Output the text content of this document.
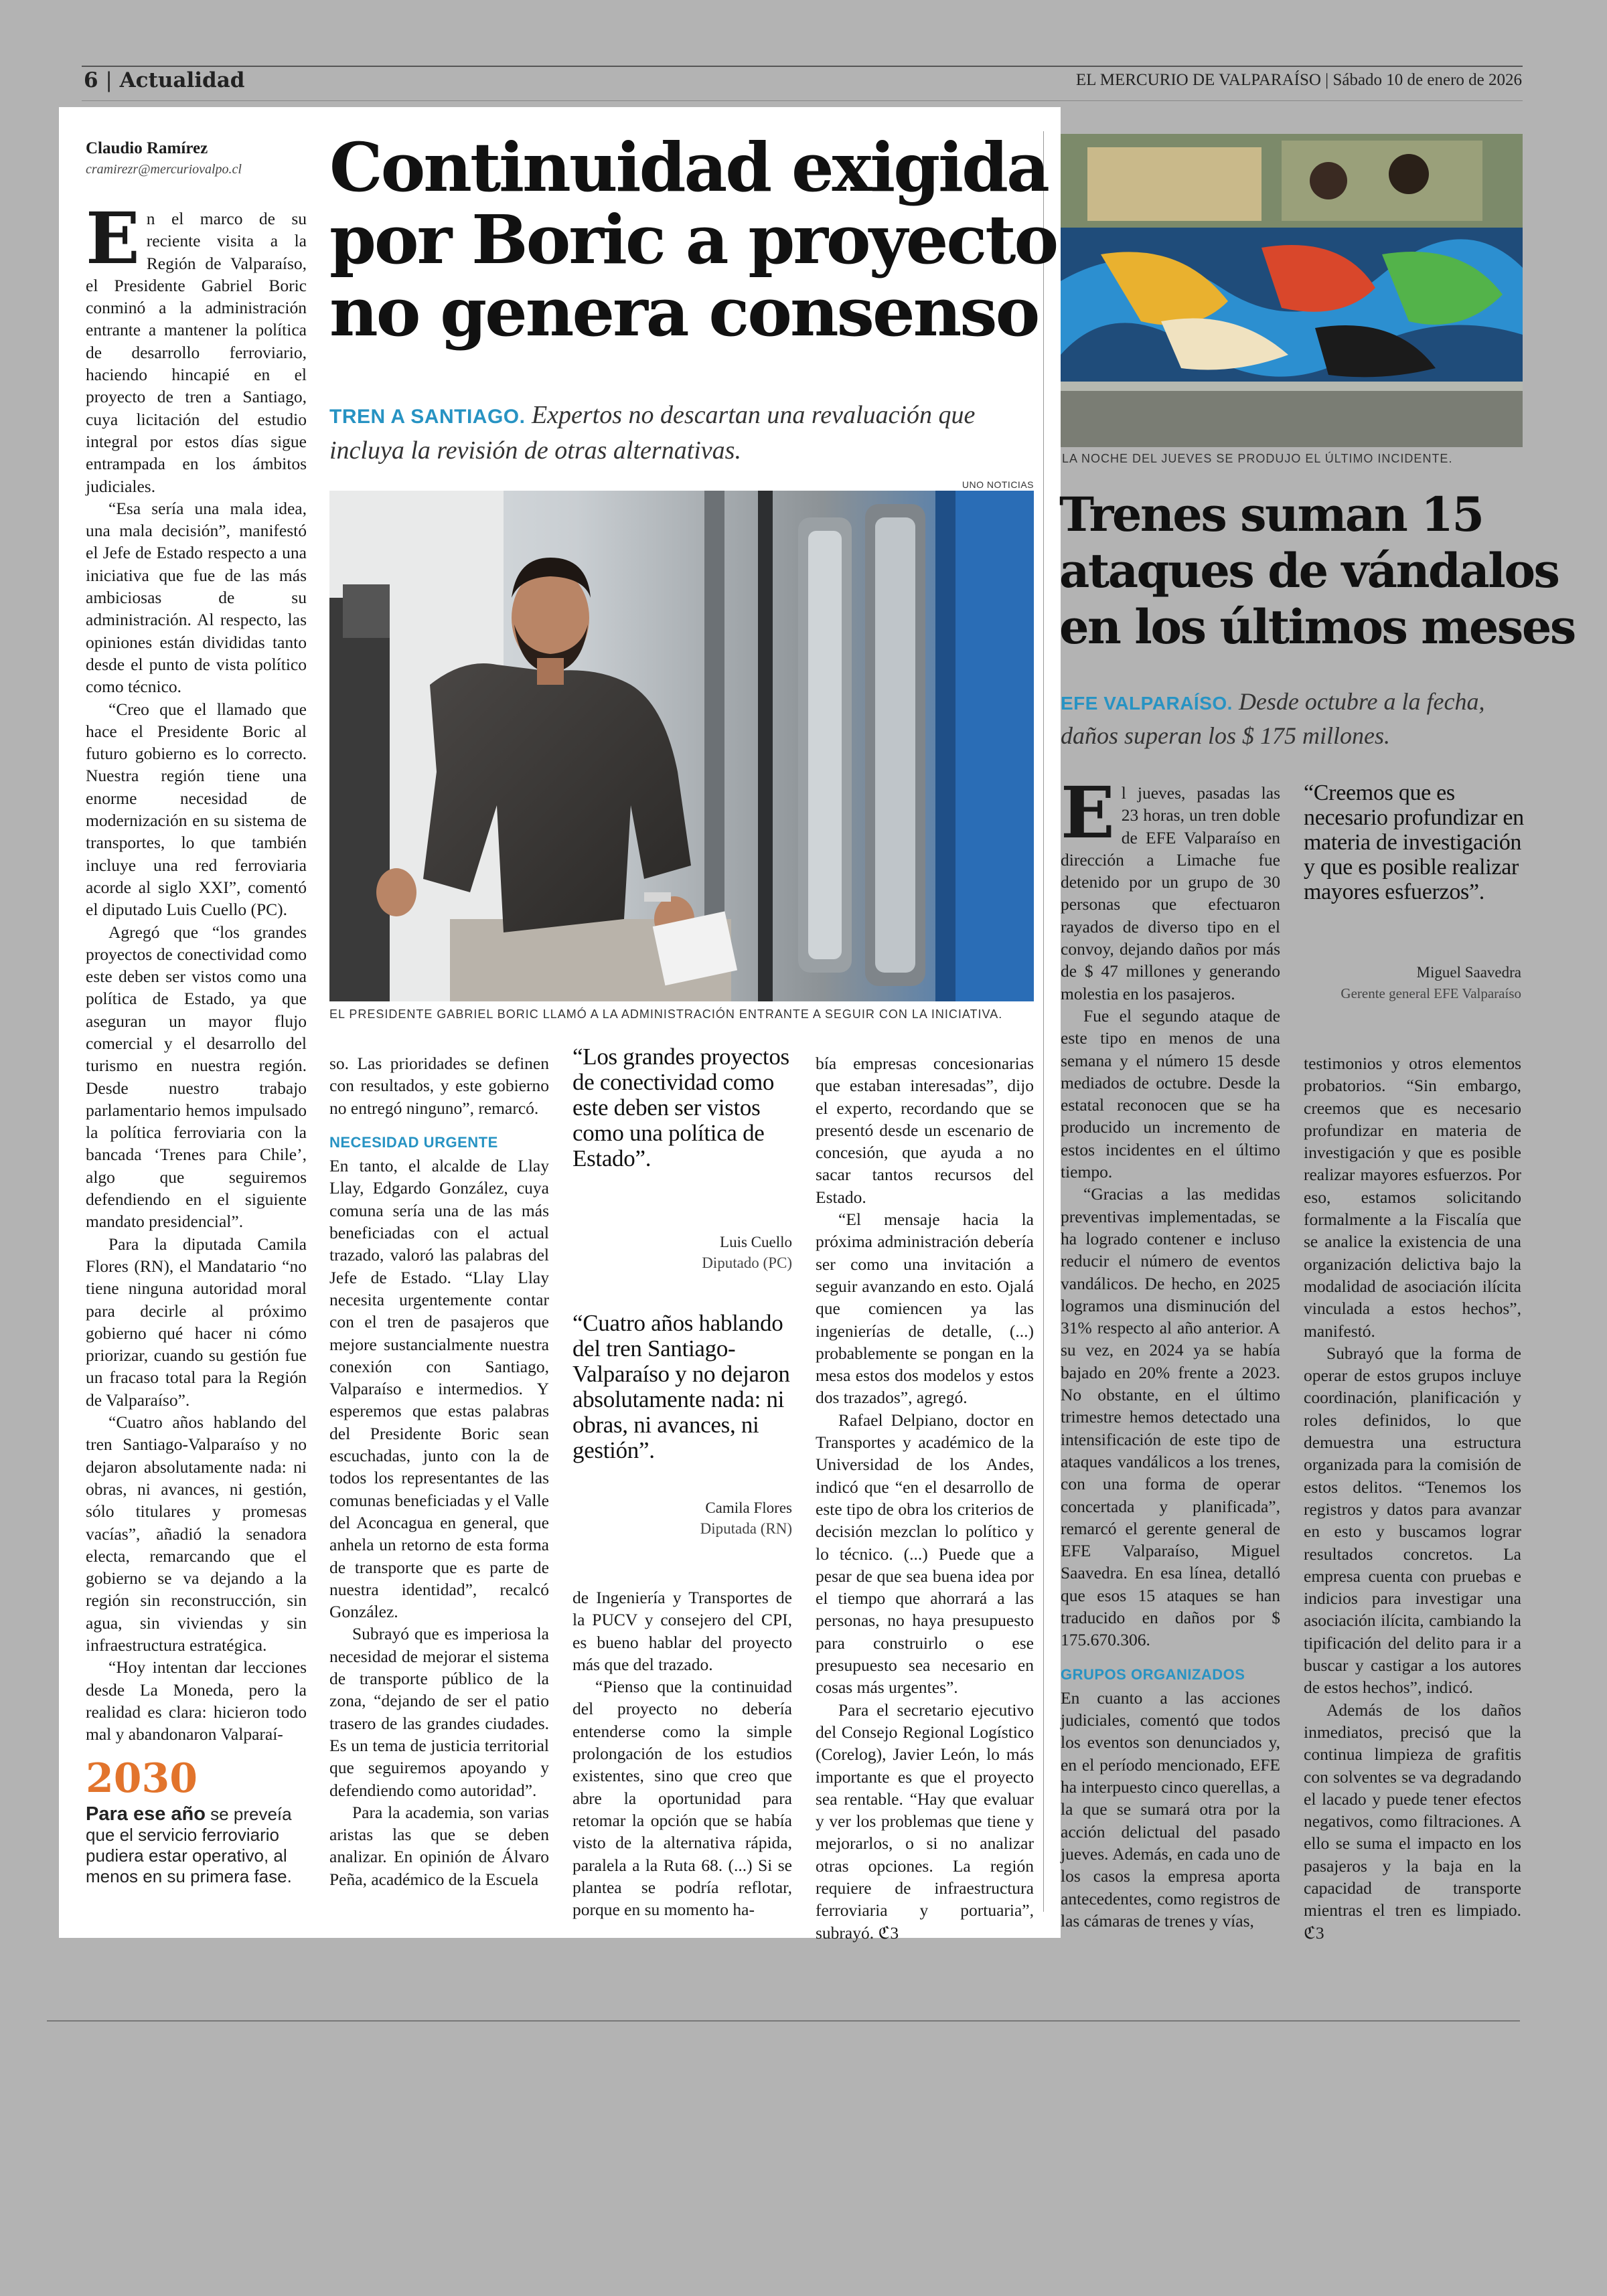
6 | Actualidad	EL MERCURIO DE VALPARAÍSO | Sábado 10 de enero de 2026
Claudio Ramírez
cramirezr@mercuriovalpo.cl Continuidad exigida
por Boric a proyecto
no genera consenso
TREN A SANTIAGO. Expertos no descartan una revaluación que incluya la revisión de otras alternativas.
UNO NOTICIAS
EL PRESIDENTE GABRIEL BORIC LLAMÓ A LA ADMINISTRACIÓN ENTRANTE A SEGUIR CON LA INICIATIVA.

En el marco de su reciente visita a la Región de Valparaíso, el Presidente Gabriel Boric conminó a la administración entrante a mantener la política de desarrollo ferroviario, haciendo hincapié en el proyecto de tren a Santiago, cuya licitación del estudio integral por estos días sigue entrampada en los ámbitos judiciales.

“Esa sería una mala idea, una mala decisión”, manifestó el Jefe de Estado respecto a una iniciativa que fue de las más ambiciosas de su administración. Al respecto, las opiniones están divididas tanto desde el punto de vista político como técnico.

“Creo que el llamado que hace el Presidente Boric al futuro gobierno es lo correcto. Nuestra región tiene una enorme necesidad de modernización en su sistema de transportes, lo que también incluye una red ferroviaria acorde al siglo XXI”, comentó el diputado Luis Cuello (PC).

Agregó que “los grandes proyectos de conectividad como este deben ser vistos como una política de Estado, ya que aseguran un mayor flujo comercial y el desarrollo del turismo en nuestra región. Desde nuestro trabajo parlamentario hemos impulsado la política ferroviaria con la bancada ‘Trenes para Chile’, algo que seguiremos defendiendo en el siguiente mandato presidencial”.

Para la diputada Camila Flores (RN), el Mandatario “no tiene ninguna autoridad moral para decirle al próximo gobierno qué hacer ni cómo priorizar, cuando su gestión fue un fracaso total para la Región de Valparaíso”.

“Cuatro años hablando del tren Santiago-Valparaíso y no dejaron absolutamente nada: ni obras, ni avances, ni gestión, sólo titulares y promesas vacías”, añadió la senadora electa, remarcando que el gobierno se va dejando a la región sin reconstrucción, sin agua, sin viviendas y sin infraestructura estratégica.

“Hoy intentan dar lecciones desde La Moneda, pero la realidad es clara: hicieron todo mal y abandonaron Valparaí-

2030
Para ese año se preveía que el servicio ferroviario pudiera estar operativo, al menos en su primera fase.

so. Las prioridades se definen con resultados, y este gobierno no entregó ninguno”, remarcó.

NECESIDAD URGENTE

En tanto, el alcalde de Llay Llay, Edgardo González, cuya comuna sería una de las más beneficiadas con el actual trazado, valoró las palabras del Jefe de Estado. “Llay Llay necesita urgentemente contar con el tren de pasajeros que mejore sustancialmente nuestra conexión con Santiago, Valparaíso e intermedios. Y esperemos que estas palabras del Presidente Boric sean escuchadas, junto con la de todos los representantes de las comunas beneficiadas y el Valle del Aconcagua en general, que anhela un retorno de esta forma de transporte que es parte de nuestra identidad”, recalcó González.

Subrayó que es imperiosa la necesidad de mejorar el sistema de transporte público de la zona, “dejando de ser el patio trasero de las grandes ciudades. Es un tema de justicia territorial que seguiremos apoyando y defendiendo como autoridad”.

Para la academia, son varias aristas las que se deben analizar. En opinión de Álvaro Peña, académico de la Escuela

“Los grandes proyectos de conectividad como este deben ser vistos como una política de Estado”.
Luis Cuello
Diputado (PC)
“Cuatro años hablando del tren Santiago-Valparaíso y no dejaron absolutamente nada: ni obras, ni avances, ni gestión”.
Camila Flores
Diputada (RN)

de Ingeniería y Transportes de la PUCV y consejero del CPI, es bueno hablar del proyecto más que del trazado.

“Pienso que la continuidad del proyecto no debería entenderse como la simple prolongación de los estudios existentes, sino que creo que abre la oportunidad para retomar la opción que se había visto de la alternativa rápida, paralela a la Ruta 68. (...) Si se plantea se podría reflotar, porque en su momento ha-

bía empresas concesionarias que estaban interesadas”, dijo el experto, recordando que se presentó desde un escenario de concesión, que ayuda a no sacar tantos recursos del Estado.

“El mensaje hacia la próxima administración debería ser como una invitación a seguir avanzando en esto. Ojalá que comiencen ya las ingenierías de detalle, (...) probablemente se pongan en la mesa estos dos modelos y estos dos trazados”, agregó.

Rafael Delpiano, doctor en Transportes y académico de la Universidad de los Andes, indicó que “en el desarrollo de este tipo de obra los criterios de decisión mezclan lo político y lo técnico. (...) Puede que a pesar de que sea buena idea por el tiempo que ahorrará a las personas, no haya presupuesto para construirlo o ese presupuesto sea necesario en cosas más urgentes”.

Para el secretario ejecutivo del Consejo Regional Logístico (Corelog), Javier León, lo más importante es que el proyecto sea rentable. “Hay que evaluar y ver los problemas que tiene y mejorarlos, o si no analizar otras opciones. La región requiere de infraestructura ferroviaria y portuaria”, subrayó. ℭ3

LA NOCHE DEL JUEVES SE PRODUJO EL ÚLTIMO INCIDENTE.
Trenes suman 15
ataques de vándalos
en los últimos meses
EFE VALPARAÍSO. Desde octubre a la fecha, daños superan los $ 175 millones.

El jueves, pasadas las 23 horas, un tren doble de EFE Valparaíso en dirección a Limache fue detenido por un grupo de 30 personas que efectuaron rayados de diverso tipo en el convoy, dejando daños por más de $ 47 millones y generando molestia en los pasajeros.

Fue el segundo ataque de este tipo en menos de una semana y el número 15 desde mediados de octubre. Desde la estatal reconocen que se ha producido un incremento de estos incidentes en el último tiempo.

“Gracias a las medidas preventivas implementadas, se ha logrado contener e incluso reducir el número de eventos vandálicos. De hecho, en 2025 logramos una disminución del 31% respecto al año anterior. A su vez, en 2024 ya se había bajado en 20% frente a 2023. No obstante, en el último trimestre hemos detectado una intensificación de este tipo de ataques vandálicos a los trenes, con una forma de operar concertada y planificada”, remarcó el gerente general de EFE Valparaíso, Miguel Saavedra. En esa línea, detalló que esos 15 ataques se han traducido en daños por $ 175.670.306.

GRUPOS ORGANIZADOS

En cuanto a las acciones judiciales, comentó que todos los eventos son denunciados y, en el período mencionado, EFE ha interpuesto cinco querellas, a la que se sumará otra por la acción delictual del pasado jueves. Además, en cada uno de los casos la empresa aporta antecedentes, como registros de las cámaras de trenes y vías,

“Creemos que es necesario profundizar en materia de investigación y que es posible realizar mayores esfuerzos”.
Miguel Saavedra
Gerente general EFE Valparaíso

testimonios y otros elementos probatorios. “Sin embargo, creemos que es necesario profundizar en materia de investigación y que es posible realizar mayores esfuerzos. Por eso, estamos solicitando formalmente a la Fiscalía que se analice la existencia de una organización delictiva bajo la modalidad de asociación ilícita vinculada a estos hechos”, manifestó.

Subrayó que la forma de operar de estos grupos incluye coordinación, planificación y roles definidos, lo que demuestra una estructura organizada para la comisión de estos delitos. “Tenemos los registros y datos para avanzar en esto y buscamos lograr resultados concretos. La empresa cuenta con pruebas e indicios para investigar una asociación ilícita, cambiando la tipificación del delito para ir a buscar y castigar a los autores de estos hechos”, indicó.

Además de los daños inmediatos, precisó que la continua limpieza de grafitis con solventes se va degradando el lacado y puede tener efectos negativos, como filtraciones. A ello se suma el impacto en los pasajeros y la baja en la capacidad de transporte mientras el tren es limpiado. ℭ3
